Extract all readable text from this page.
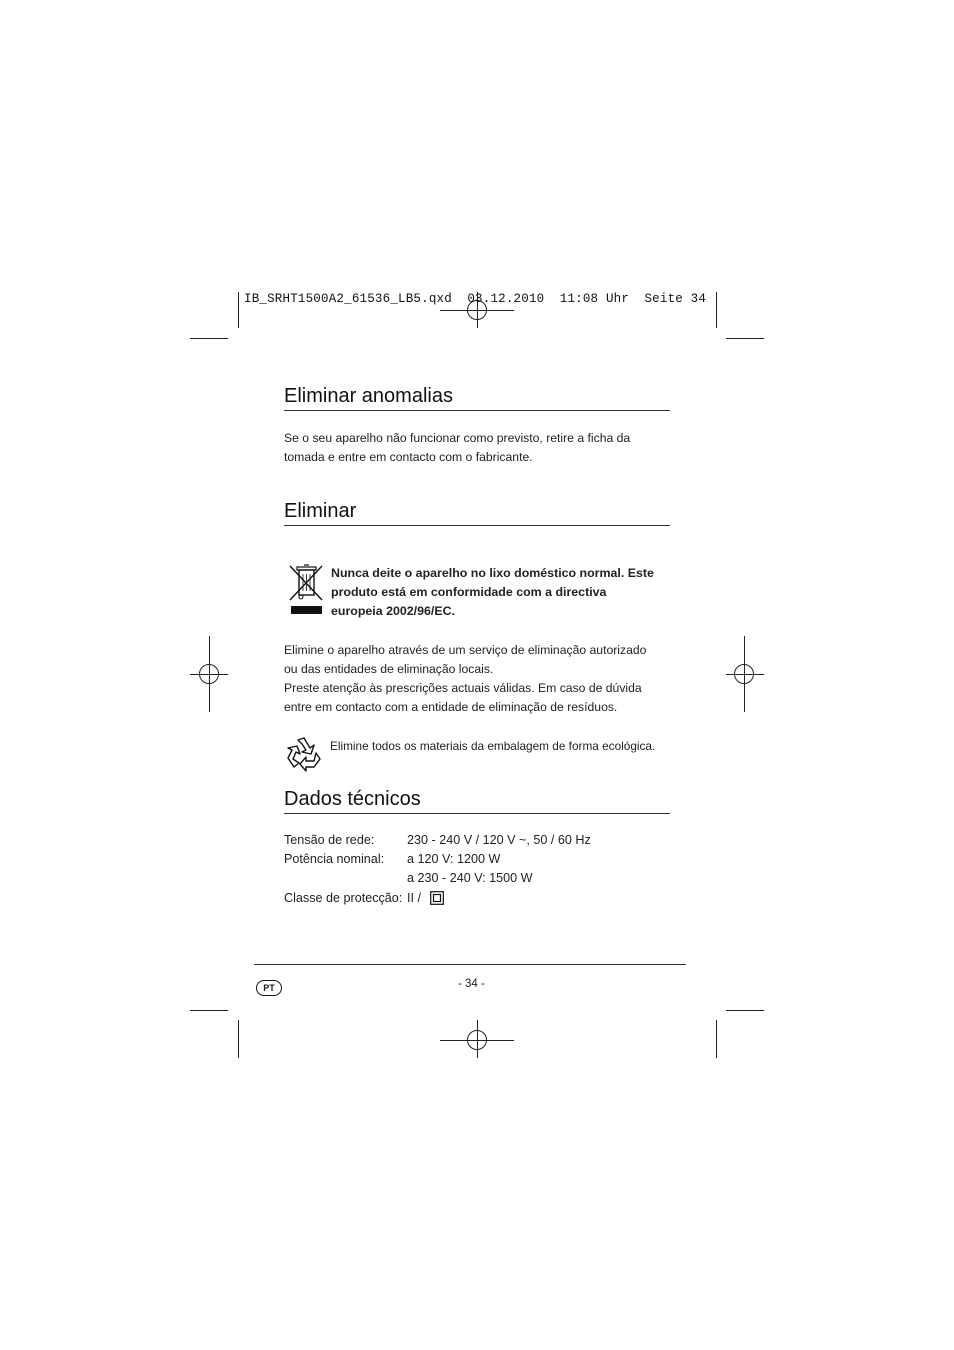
IB_SRHT1500A2_61536_LB5.qxd  03.12.2010  11:08 Uhr  Seite 34
Eliminar anomalias
Se o seu aparelho não funcionar como previsto, retire a ficha da
tomada e entre em contacto com o fabricante.
Eliminar
Nunca deite o aparelho no lixo doméstico normal. Este
produto está em conformidade com a directiva
europeia 2002/96/EC.
Elimine o aparelho através de um serviço de eliminação autorizado
ou das entidades de eliminação locais.
Preste atenção às prescrições actuais válidas. Em caso de dúvida
entre em contacto com a entidade de eliminação de resíduos.
Elimine todos os materiais da embalagem de forma ecológica.
Dados técnicos
Tensão de rede:	230 - 240 V / 120 V ~, 50 / 60 Hz
Potência nominal: a 120 V: 1200 W
a 230 - 240 V: 1500 W
Classe de protecção: II /
PT	- 34 -
